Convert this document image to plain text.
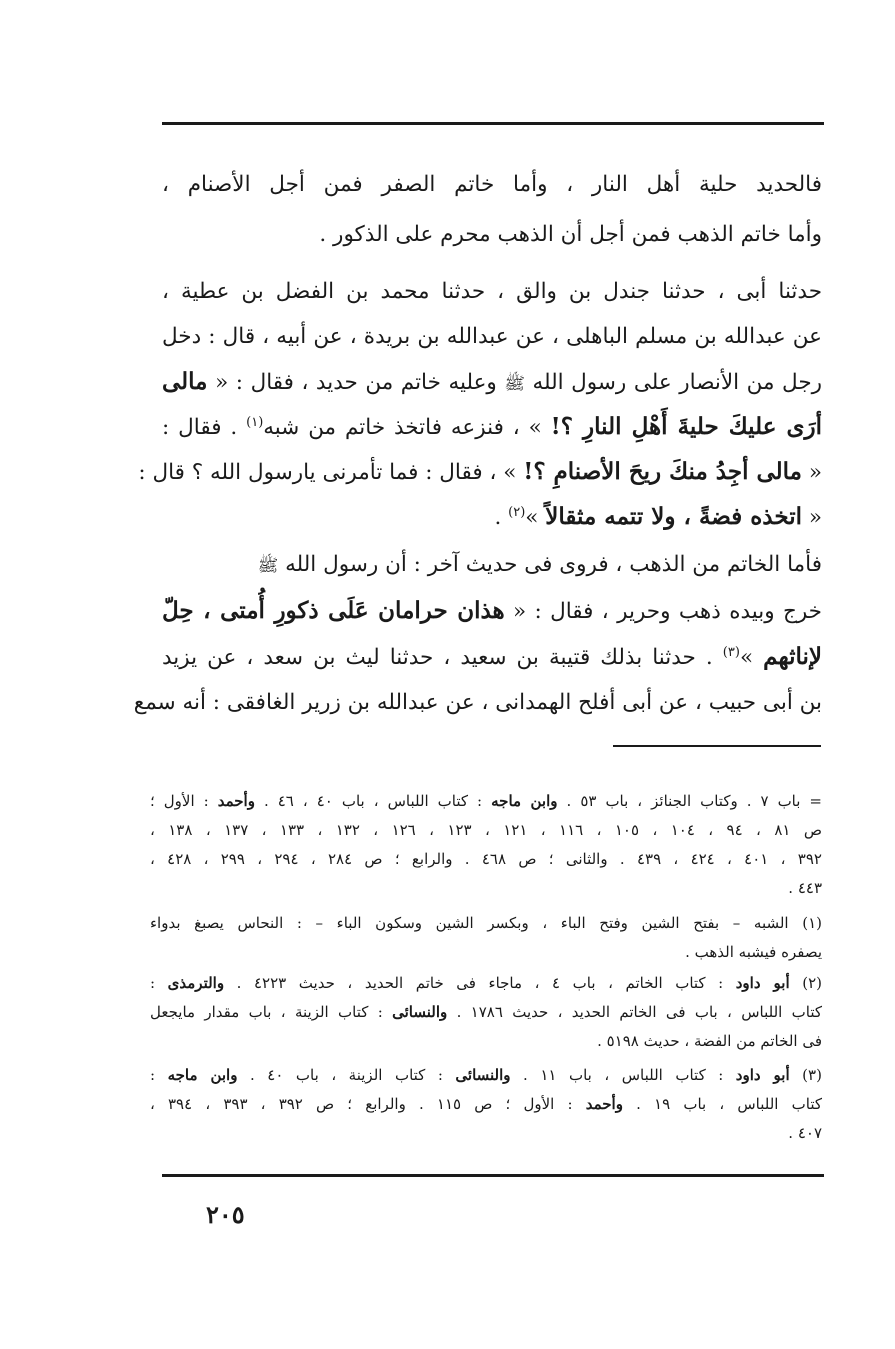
فالحديد حلية أهل النار ، وأما خاتم الصفر فمن أجل الأصنام ،
وأما خاتم الذهب فمن أجل أن الذهب محرم على الذكور .
حدثنا أبى ، حدثنا جندل بن والق ، حدثنا محمد بن الفضل بن عطية ،
عن عبدالله بن مسلم الباهلى ، عن عبدالله بن بريدة ، عن أبيه ، قال : دخل
رجل من الأنصار على رسول الله ﷺ وعليه خاتم من حديد ، فقال : « مالى
أرَى عليكَ حليةَ أَهْلِ النارِ ؟! » ، فنزعه فاتخذ خاتم من شبه$^{(١)}$ . فقال :
« مالى أجِدُ منكَ ريحَ الأصنامِ ؟! » ، فقال : فما تأمرنى يارسول الله ؟ قال :
« اتخذه فضةً ، ولا تتمه مثقالاً »$^{(٢)}$ .
فأما الخاتم من الذهب ، فروى فى حديث آخر : أن رسول الله ﷺ
خرج وبيده ذهب وحرير ، فقال : « هذان حرامان عَلَى ذكورِ أُمتى ، حِلّ
لإناثهم »$^{(٣)}$ . حدثنا بذلك قتيبة بن سعيد ، حدثنا ليث بن سعد ، عن يزيد
بن أبى حبيب ، عن أبى أفلح الهمدانى ، عن عبدالله بن زرير الغافقى : أنه سمع
= باب ٧ . وكتاب الجنائز ، باب ٥٣ . وابن ماجه : كتاب اللباس ، باب ٤٠ ، ٤٦ . وأحمد : الأول ؛
ص ٨١ ، ٩٤ ، ١٠٤ ، ١٠٥ ، ١١٦ ، ١٢١ ، ١٢٣ ، ١٢٦ ، ١٣٢ ، ١٣٣ ، ١٣٧ ، ١٣٨ ،
٣٩٢ ، ٤٠١ ، ٤٢٤ ، ٤٣٩ . والثانى ؛ ص ٤٦٨ . والرابع ؛ ص ٢٨٤ ، ٢٩٤ ، ٢٩٩ ، ٤٢٨ ،
٤٤٣ .
(١) الشبه – بفتح الشين وفتح الباء ، وبكسر الشين وسكون الباء – : النحاس يصبغ بدواء
يصفره فيشبه الذهب .
(٢) أبو داود : كتاب الخاتم ، باب ٤ ، ماجاء فى خاتم الحديد ، حديث ٤٢٢٣ . والترمذى :
كتاب اللباس ، باب فى الخاتم الحديد ، حديث ١٧٨٦ . والنسائى : كتاب الزينة ، باب مقدار مايجعل
فى الخاتم من الفضة ، حديث ٥١٩٨ .
(٣) أبو داود : كتاب اللباس ، باب ١١ . والنسائى : كتاب الزينة ، باب ٤٠ . وابن ماجه :
كتاب اللباس ، باب ١٩ . وأحمد : الأول ؛ ص ١١٥ . والرابع ؛ ص ٣٩٢ ، ٣٩٣ ، ٣٩٤ ،
٤٠٧ .
٢٠٥
